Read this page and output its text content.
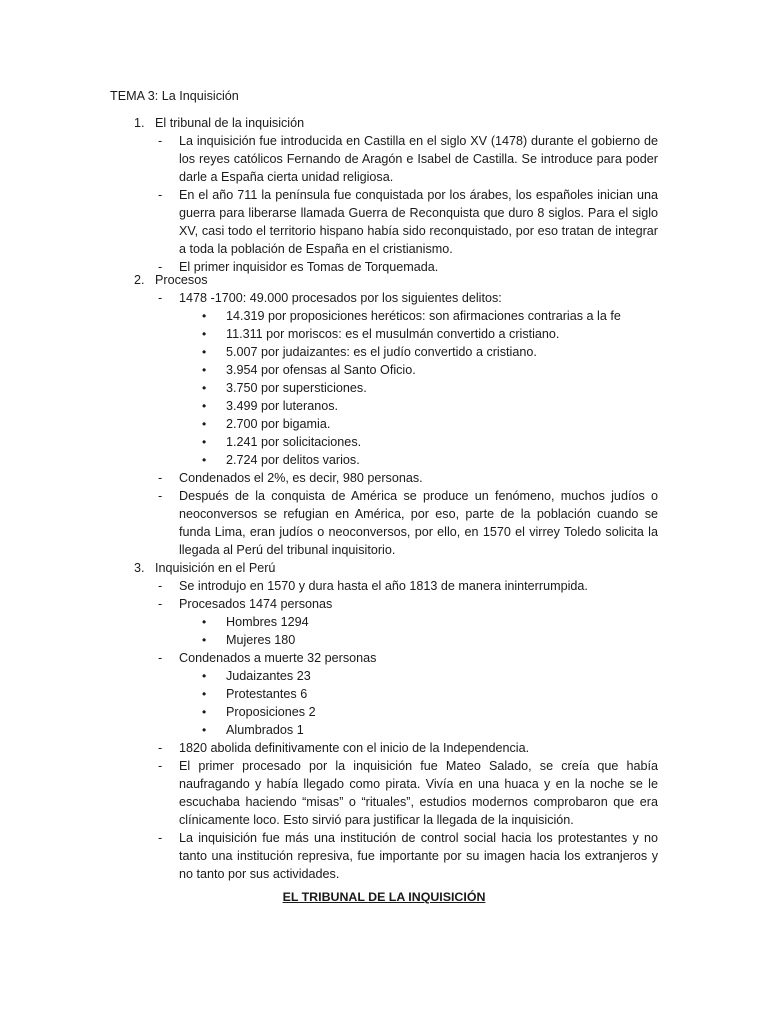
TEMA 3: La Inquisición
1. El tribunal de la inquisición
- La inquisición fue introducida en Castilla en el siglo XV (1478) durante el gobierno de los reyes católicos Fernando de Aragón e Isabel de Castilla. Se introduce para poder darle a España cierta unidad religiosa.
- En el año 711 la península fue conquistada por los árabes, los españoles inician una guerra para liberarse llamada Guerra de Reconquista que duro 8 siglos. Para el siglo XV, casi todo el territorio hispano había sido reconquistado, por eso tratan de integrar a toda la población de España en el cristianismo.
- El primer inquisidor es Tomas de Torquemada.
2. Procesos
- 1478 -1700: 49.000 procesados por los siguientes delitos:
• 14.319 por proposiciones heréticos: son afirmaciones contrarias a la fe
• 11.311 por moriscos: es el musulmán convertido a cristiano.
• 5.007 por judaizantes: es el judío convertido a cristiano.
• 3.954 por ofensas al Santo Oficio.
• 3.750 por supersticiones.
• 3.499 por luteranos.
• 2.700 por bigamia.
• 1.241 por solicitaciones.
• 2.724 por delitos varios.
- Condenados el 2%, es decir, 980 personas.
- Después de la conquista de América se produce un fenómeno, muchos judíos o neoconversos se refugian en América, por eso, parte de la población cuando se funda Lima, eran judíos o neoconversos, por ello, en 1570 el virrey Toledo solicita la llegada al Perú del tribunal inquisitorio.
3. Inquisición en el Perú
- Se introdujo en 1570 y dura hasta el año 1813 de manera ininterrumpida.
- Procesados 1474 personas
• Hombres 1294
• Mujeres 180
- Condenados a muerte 32 personas
• Judaizantes 23
• Protestantes 6
• Proposiciones 2
• Alumbrados 1
- 1820 abolida definitivamente con el inicio de la Independencia.
- El primer procesado por la inquisición fue Mateo Salado, se creía que había naufragando y había llegado como pirata. Vivía en una huaca y en la noche se le escuchaba haciendo “misas” o “rituales”, estudios modernos comprobaron que era clínicamente loco. Esto sirvió para justificar la llegada de la inquisición.
- La inquisición fue más una institución de control social hacia los protestantes y no tanto una institución represiva, fue importante por su imagen hacia los extranjeros y no tanto por sus actividades.
EL TRIBUNAL DE LA INQUISICIÓN
